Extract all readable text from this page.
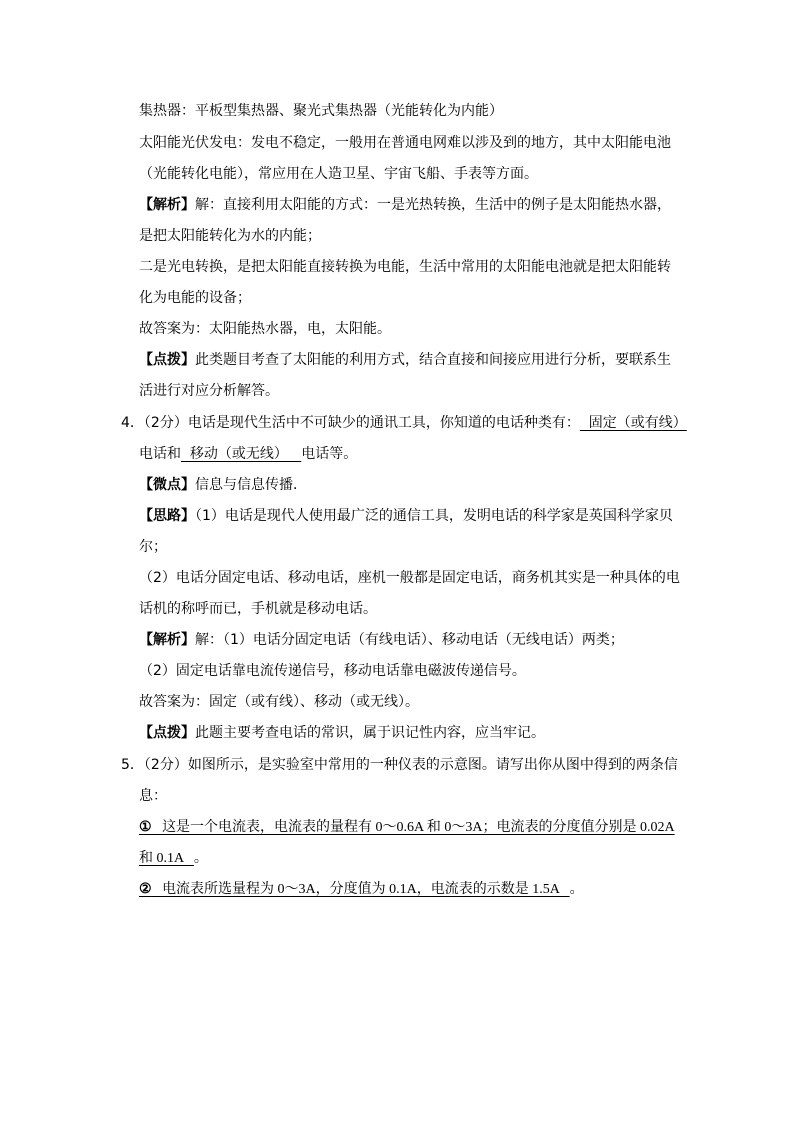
集热器：平板型集热器、聚光式集热器（光能转化为内能）
太阳能光伏发电：发电不稳定，一般用在普通电网难以涉及到的地方，其中太阳能电池
（光能转化电能），常应用在人造卫星、宇宙飞船、手表等方面。
【解析】解：直接利用太阳能的方式：一是光热转换，生活中的例子是太阳能热水器，
是把太阳能转化为水的内能；
二是光电转换，是把太阳能直接转换为电能，生活中常用的太阳能电池就是把太阳能转
化为电能的设备；
故答案为：太阳能热水器，电，太阳能。
【点拨】此类题目考查了太阳能的利用方式，结合直接和间接应用进行分析，要联系生
活进行对应分析解答。
4．（2分）电话是现代生活中不可缺少的通讯工具，你知道的电话种类有：  固定（或有线）
电话和  移动（或无线）   电话等。
【微点】信息与信息传播．
【思路】（1）电话是现代人使用最广泛的通信工具，发明电话的科学家是英国科学家贝
尔；
（2）电话分固定电话、移动电话，座机一般都是固定电话，商务机其实是一种具体的电
话机的称呼而已，手机就是移动电话。
【解析】解：（1）电话分固定电话（有线电话）、移动电话（无线电话）两类；
（2）固定电话靠电流传递信号，移动电话靠电磁波传递信号。
故答案为：固定（或有线）、移动（或无线）。
【点拨】此题主要考查电话的常识，属于识记性内容，应当牢记。
5．（2分）如图所示，是实验室中常用的一种仪表的示意图。请写出你从图中得到的两条信
息：
①   这是一个电流表，电流表的量程有 0～0.6A 和 0～3A；电流表的分度值分别是 0.02A
和 0.1A   。
②   电流表所选量程为 0～3A，分度值为 0.1A，电流表的示数是 1.5A   。
